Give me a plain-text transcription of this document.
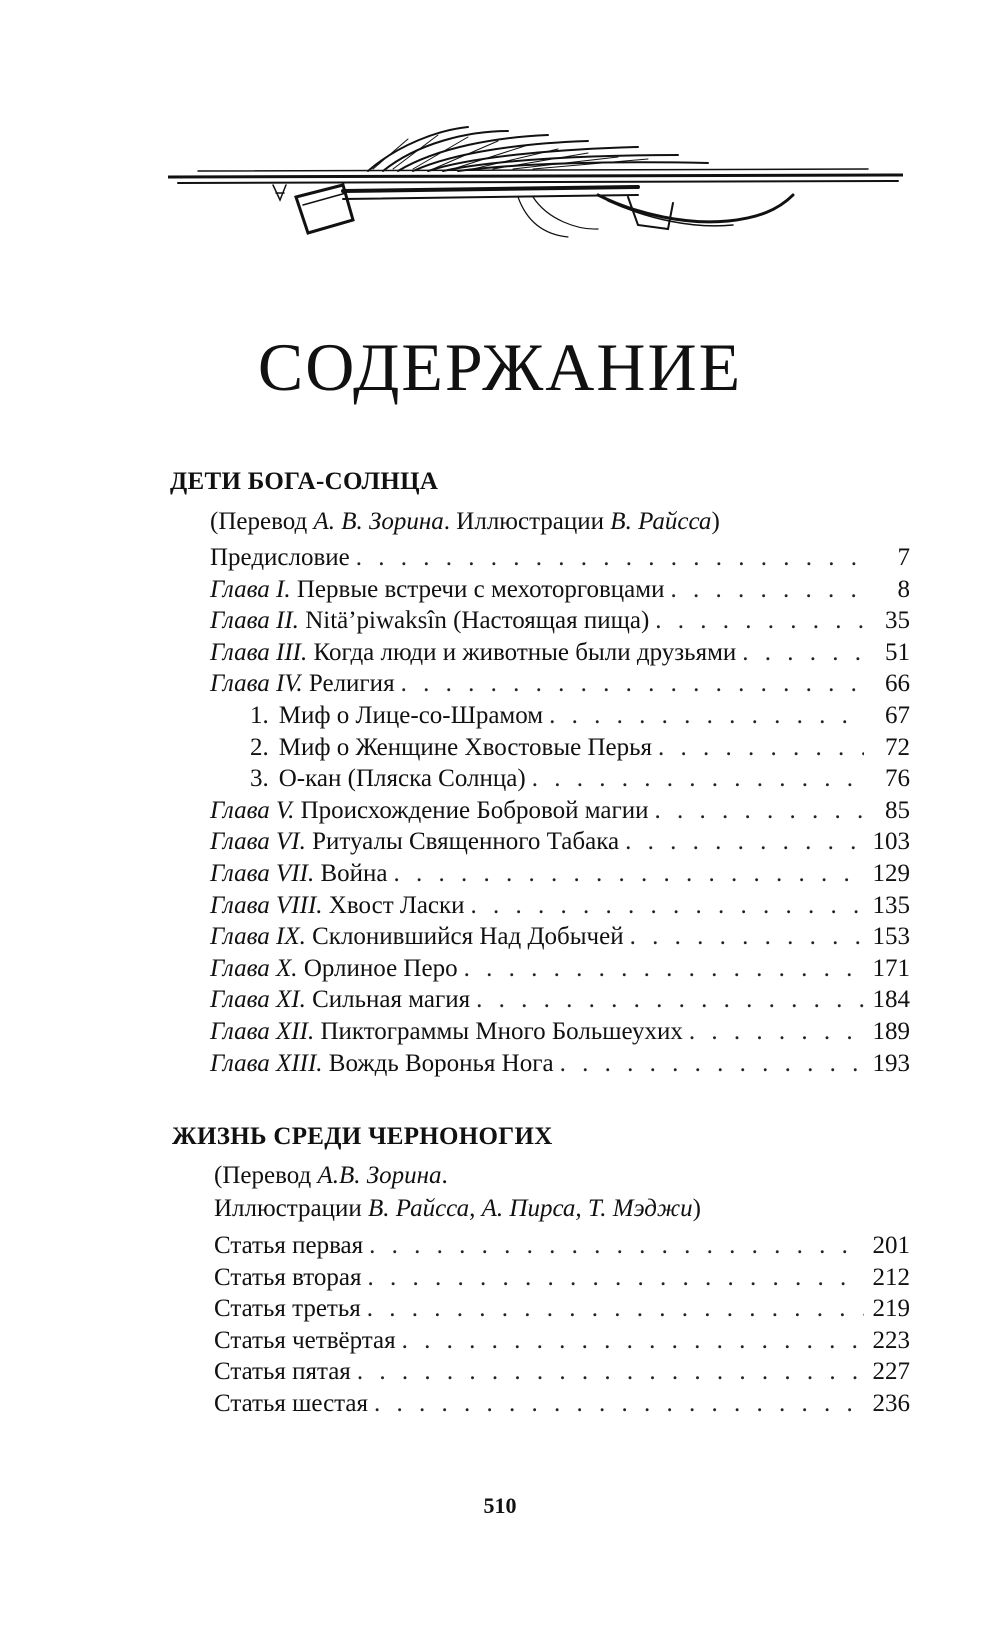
СОДЕРЖАНИЕ
ДЕТИ БОГА-СОЛНЦА
(Перевод А. В. Зорина. Иллюстрации В. Райсса)
Предисловие . . .	7
Глава I. Первые встречи с мехоторговцами . . .	8
Глава II. Nitä’piwaksîn (Настоящая пища) . . .	35
Глава III. Когда люди и животные были друзьями . . .	51
Глава IV. Религия . . .	66
1. Миф о Лице-со-Шрамом . . .	67
2. Миф о Женщине Хвостовые Перья . . .	72
3. О-кан (Пляска Солнца) . . .	76
Глава V. Происхождение Бобровой магии . . .	85
Глава VI. Ритуалы Священного Табака . . .	103
Глава VII. Война . . .	129
Глава VIII. Хвост Ласки . . .	135
Глава IX. Склонившийся Над Добычей . . .	153
Глава X. Орлиное Перо . . .	171
Глава XI. Сильная магия . . .	184
Глава XII. Пиктограммы Много Большеухих . . .	189
Глава XIII. Вождь Воронья Нога . . .	193
ЖИЗНЬ СРЕДИ ЧЕРНОНОГИХ
(Перевод А.В. Зорина.
Иллюстрации В. Райсса, А. Пирса, Т. Мэджи)
Статья первая . . .	201
Статья вторая . . .	212
Статья третья . . .	219
Статья четвёртая . . .	223
Статья пятая . . .	227
Статья шестая . . .	236
510
